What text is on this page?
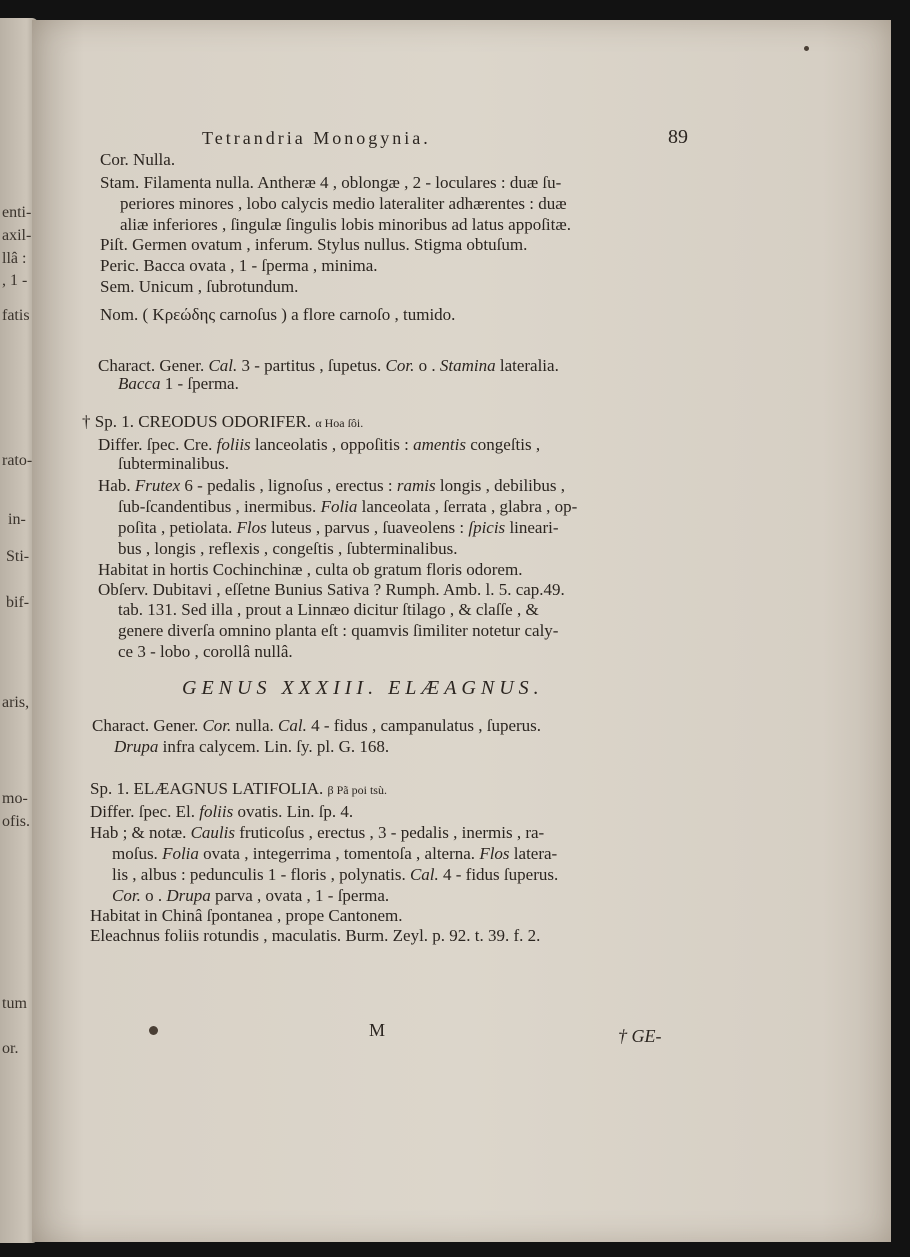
enti-
axil-
llâ :
, 1 -
fatis
rato-
in-
Sti-
bif-
aris,
mo-
ofis.
tum
or.
Tetrandria Monogynia.	89
Cor. Nulla.
Stam. Filamenta nulla. Antheræ 4 , oblongæ , 2 - loculares : duæ ſu-
periores minores , lobo calycis medio lateraliter adhærentes : duæ
aliæ inferiores , ſingulæ ſingulis lobis minoribus ad latus appoſitæ.
Piſt. Germen ovatum , inferum. Stylus nullus. Stigma obtuſum.
Peric. Bacca ovata , 1 - ſperma , minima.
Sem. Unicum , ſubrotundum.
Nom. ( Κρεώδης carnoſus ) a flore carnoſo , tumido.
Charact. Gener. Cal. 3 - partitus , ſupetus. Cor. o . Stamina lateralia.
Bacca 1 - ſperma.
† Sp. 1. CREODUS ODORIFER. α Hoa ſôi.
Differ. ſpec. Cre. foliis lanceolatis , oppoſitis : amentis congeſtis ,
ſubterminalibus.
Hab. Frutex 6 - pedalis , lignoſus , erectus : ramis longis , debilibus ,
ſub-ſcandentibus , inermibus. Folia lanceolata , ſerrata , glabra , op-
poſita , petiolata. Flos luteus , parvus , ſuaveolens : ſpicis lineari-
bus , longis , reflexis , congeſtis , ſubterminalibus.
Habitat in hortis Cochinchinæ , culta ob gratum floris odorem.
Obſerv. Dubitavi , eſſetne Bunius Sativa ? Rumph. Amb. l. 5. cap.49.
tab. 131. Sed illa , prout a Linnæo dicitur ſtilago , & claſſe , &
genere diverſa omnino planta eſt : quamvis ſimiliter notetur caly-
ce 3 - lobo , corollâ nullâ.
GENUS XXXIII. ELÆAGNUS.
Charact. Gener. Cor. nulla. Cal. 4 - fidus , campanulatus , ſuperus.
Drupa infra calycem. Lin. ſy. pl. G. 168.
Sp. 1. ELÆAGNUS LATIFOLIA. β Pã poi tsù.
Differ. ſpec. El. foliis ovatis. Lin. ſp. 4.
Hab ; & notæ. Caulis fruticoſus , erectus , 3 - pedalis , inermis , ra-
moſus. Folia ovata , integerrima , tomentoſa , alterna. Flos latera-
lis , albus : pedunculis 1 - floris , polynatis. Cal. 4 - fidus ſuperus.
Cor. o . Drupa parva , ovata , 1 - ſperma.
Habitat in Chinâ ſpontanea , prope Cantonem.
Eleachnus foliis rotundis , maculatis. Burm. Zeyl. p. 92. t. 39. f. 2.
M	† GE-
